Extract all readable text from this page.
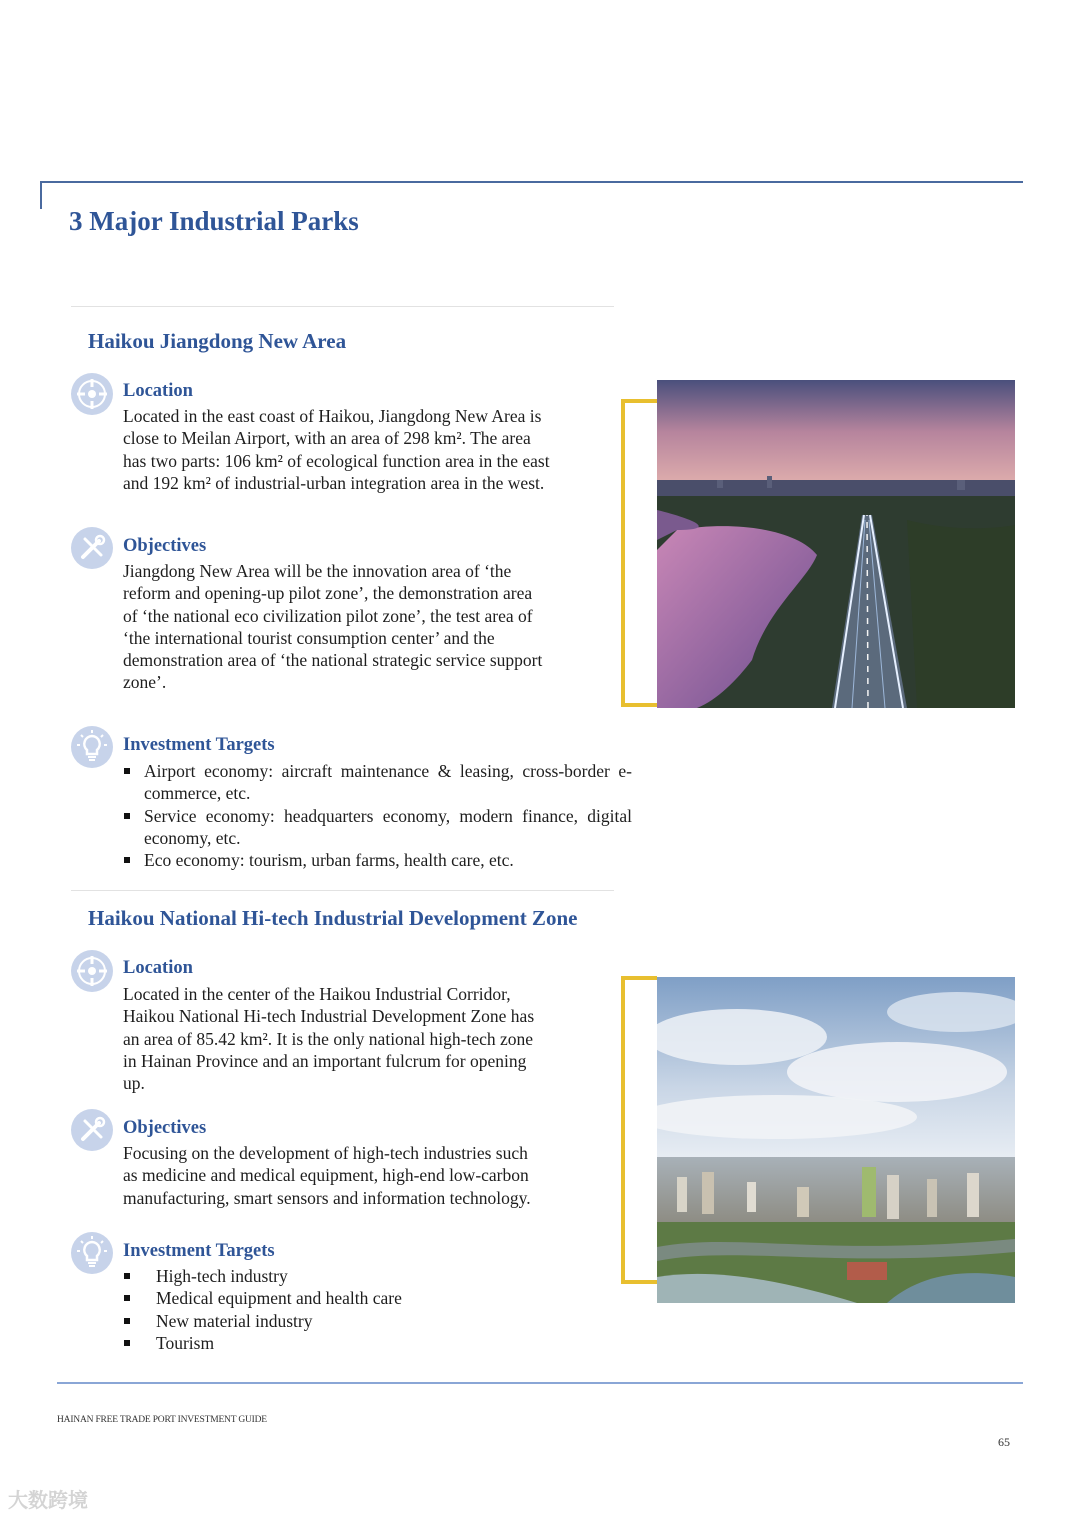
3 Major Industrial Parks
Haikou Jiangdong New Area
Location
Located in the east coast of Haikou, Jiangdong New Area is
close to Meilan Airport, with an area of 298 km². The area
has two parts: 106 km² of ecological function area in the east
and 192 km² of industrial-urban integration area in the west.
Objectives
Jiangdong New Area will be the innovation area of ‘the
reform and opening-up pilot zone’, the demonstration area
of ‘the national eco civilization pilot zone’, the test area of
‘the international tourist consumption center’ and the
demonstration area of ‘the national strategic service support
zone’.
Investment Targets
Airport economy: aircraft maintenance & leasing, cross-border e-commerce, etc.
Service economy: headquarters economy, modern finance, digital economy, etc.
Eco economy: tourism, urban farms, health care, etc.
Haikou National Hi-tech Industrial Development Zone
Location
Located in the center of the Haikou Industrial Corridor,
Haikou National Hi-tech Industrial Development Zone has
an area of 85.42 km². It is the only national high-tech zone
in Hainan Province and an important fulcrum for opening
up.
Objectives
Focusing on the development of high-tech industries such
as medicine and medical equipment, high-end low-carbon
manufacturing, smart sensors and information technology.
Investment Targets
High-tech industry
Medical equipment and health care
New material industry
Tourism
HAINAN FREE TRADE PORT INVESTMENT GUIDE
65
大数跨境
